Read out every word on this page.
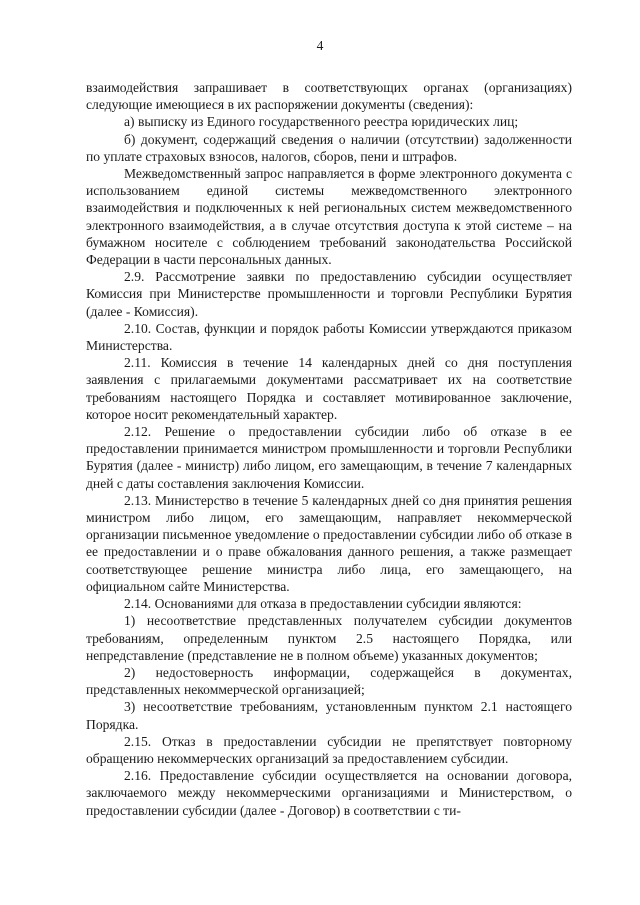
4

взаимодействия запрашивает в соответствующих органах (организациях) следующие имеющиеся в их распоряжении документы (сведения):

а) выписку из Единого государственного реестра юридических лиц;

б) документ, содержащий сведения о наличии (отсутствии) задолженности по уплате страховых взносов, налогов, сборов, пени и штрафов.

Межведомственный запрос направляется в форме электронного документа с использованием единой системы межведомственного электронного взаимодействия и подключенных к ней региональных систем межведомственного электронного взаимодействия, а в случае отсутствия доступа к этой системе – на бумажном носителе с соблюдением требований законодательства Российской Федерации в части персональных данных.

2.9. Рассмотрение заявки по предоставлению субсидии осуществляет Комиссия при Министерстве промышленности и торговли Республики Бурятия (далее - Комиссия).

2.10. Состав, функции и порядок работы Комиссии утверждаются приказом Министерства.

2.11. Комиссия в течение 14 календарных дней со дня поступления заявления с прилагаемыми документами рассматривает их на соответствие требованиям настоящего Порядка и составляет мотивированное заключение, которое носит рекомендательный характер.

2.12. Решение о предоставлении субсидии либо об отказе в ее предоставлении принимается министром промышленности и торговли Республики Бурятия (далее - министр) либо лицом, его замещающим, в течение 7 календарных дней с даты составления заключения Комиссии.

2.13. Министерство в течение 5 календарных дней со дня принятия решения министром либо лицом, его замещающим, направляет некоммерческой организации письменное уведомление о предоставлении субсидии либо об отказе в ее предоставлении и о праве обжалования данного решения, а также размещает соответствующее решение министра либо лица, его замещающего, на официальном сайте Министерства.

2.14. Основаниями для отказа в предоставлении субсидии являются:

1) несоответствие представленных получателем субсидии документов требованиям, определенным пунктом 2.5 настоящего Порядка, или непредставление (представление не в полном объеме) указанных документов;

2) недостоверность информации, содержащейся в документах, представленных некоммерческой организацией;

3) несоответствие требованиям, установленным пунктом 2.1 настоящего Порядка.

2.15. Отказ в предоставлении субсидии не препятствует повторному обращению некоммерческих организаций за предоставлением субсидии.

2.16. Предоставление субсидии осуществляется на основании договора, заключаемого между некоммерческими организациями и Министерством, о предоставлении субсидии (далее - Договор) в соответствии с ти-
